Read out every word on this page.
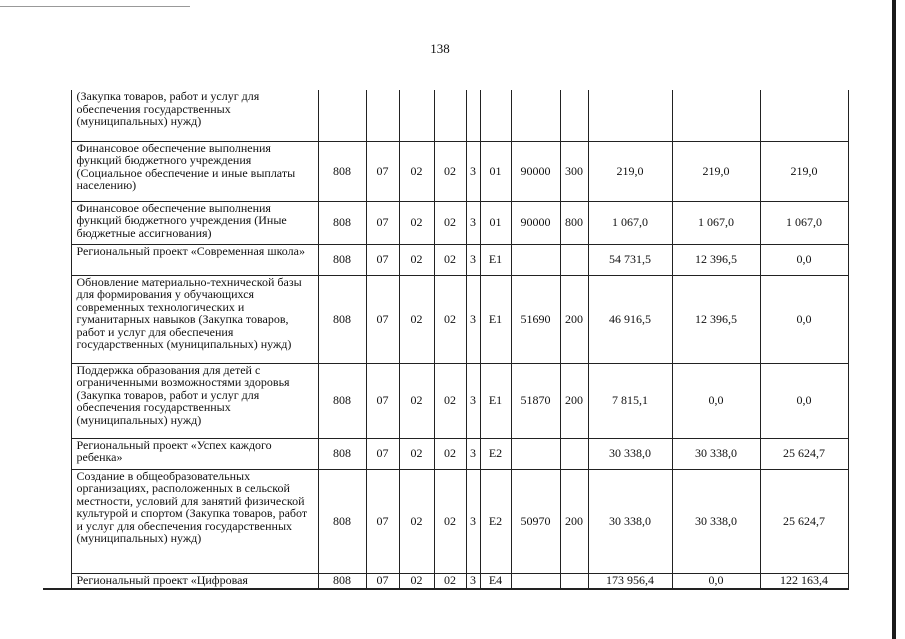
138
	(Закупка товаров, работ и услуг для обеспечения государственных (муниципальных) нужд)											
	Финансовое обеспечение выполнения функций бюджетного учреждения (Социальное обеспечение и иные выплаты населению)	808	07	02	02	3	01	90000	300	219,0	219,0	219,0
	Финансовое обеспечение выполнения функций бюджетного учреждения (Иные бюджетные ассигнования)	808	07	02	02	3	01	90000	800	1 067,0	1 067,0	1 067,0
	Региональный проект «Современная школа»	808	07	02	02	3	E1			54 731,5	12 396,5	0,0
	Обновление материально-технической базы для формирования у обучающихся современных технологических и гуманитарных навыков (Закупка товаров, работ и услуг для обеспечения государственных (муниципальных) нужд)	808	07	02	02	3	E1	51690	200	46 916,5	12 396,5	0,0
	Поддержка образования для детей с ограниченными возможностями здоровья (Закупка товаров, работ и услуг для обеспечения государственных (муниципальных) нужд)	808	07	02	02	3	E1	51870	200	7 815,1	0,0	0,0
	Региональный проект «Успех каждого ребенка»	808	07	02	02	3	E2			30 338,0	30 338,0	25 624,7
	Создание в общеобразовательных организациях, расположенных в сельской местности, условий для занятий физической культурой и спортом (Закупка товаров, работ и услуг для обеспечения государственных (муниципальных) нужд)	808	07	02	02	3	E2	50970	200	30 338,0	30 338,0	25 624,7
	Региональный проект «Цифровая	808	07	02	02	3	E4			173 956,4	0,0	122 163,4
